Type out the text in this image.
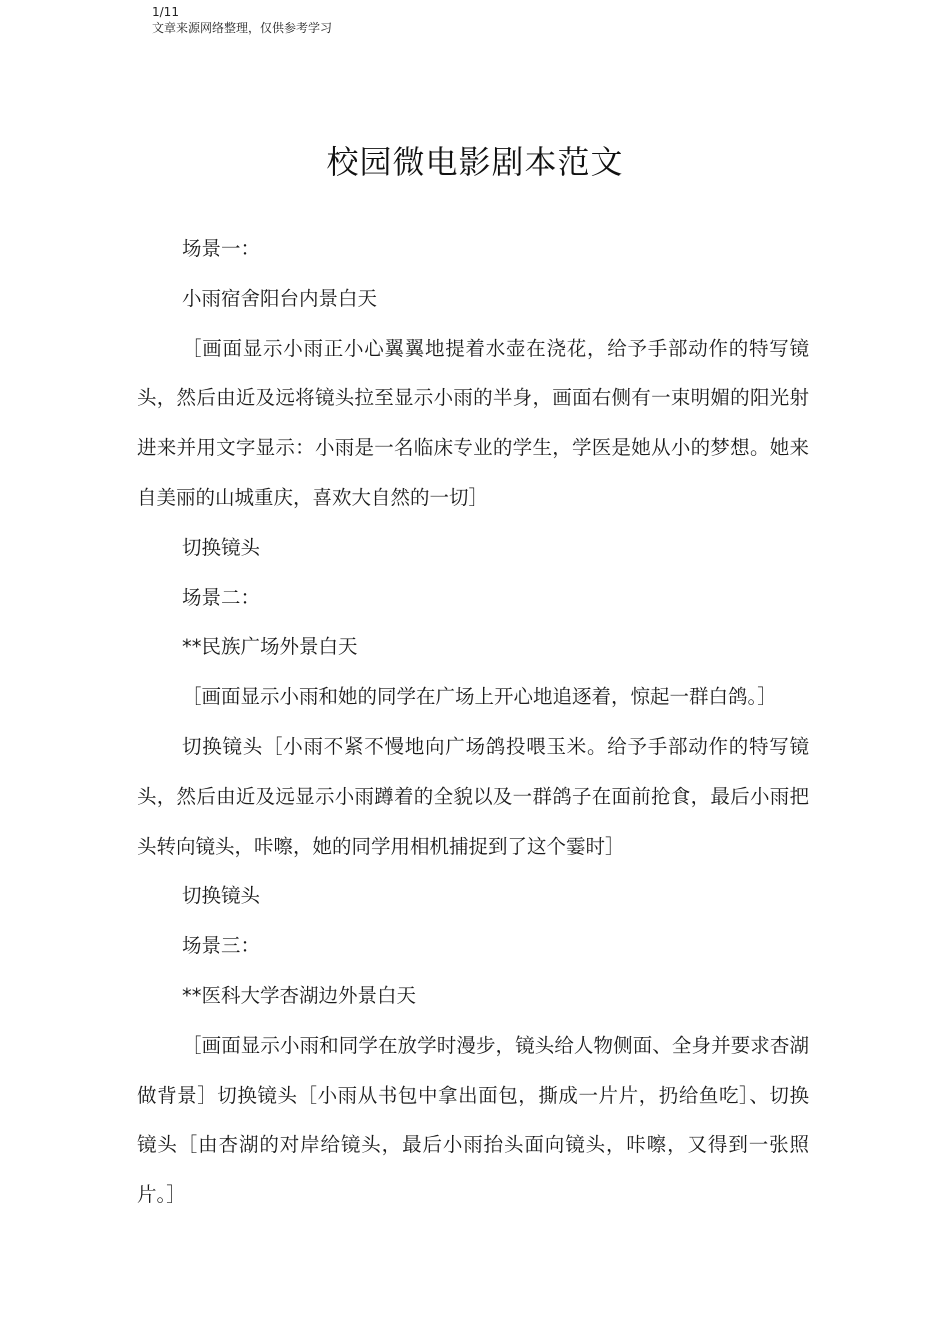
1/11
文章来源网络整理，仅供参考学习
校园微电影剧本范文

场景一：

小雨宿舍阳台内景白天

［画面显示小雨正小心翼翼地提着水壶在浇花，给予手部动作的特写镜头，然后由近及远将镜头拉至显示小雨的半身，画面右侧有一束明媚的阳光射进来并用文字显示：小雨是一名临床专业的学生，学医是她从小的梦想。她来自美丽的山城重庆，喜欢大自然的一切］

切换镜头

场景二：

**民族广场外景白天

［画面显示小雨和她的同学在广场上开心地追逐着，惊起一群白鸽。］

切换镜头［小雨不紧不慢地向广场鸽投喂玉米。给予手部动作的特写镜头，然后由近及远显示小雨蹲着的全貌以及一群鸽子在面前抢食，最后小雨把头转向镜头，咔嚓，她的同学用相机捕捉到了这个霎时］

切换镜头

场景三：

**医科大学杏湖边外景白天

［画面显示小雨和同学在放学时漫步，镜头给人物侧面、全身并要求杏湖做背景］切换镜头［小雨从书包中拿出面包，撕成一片片，扔给鱼吃］、切换镜头［由杏湖的对岸给镜头，最后小雨抬头面向镜头，咔嚓，又得到一张照片。］
